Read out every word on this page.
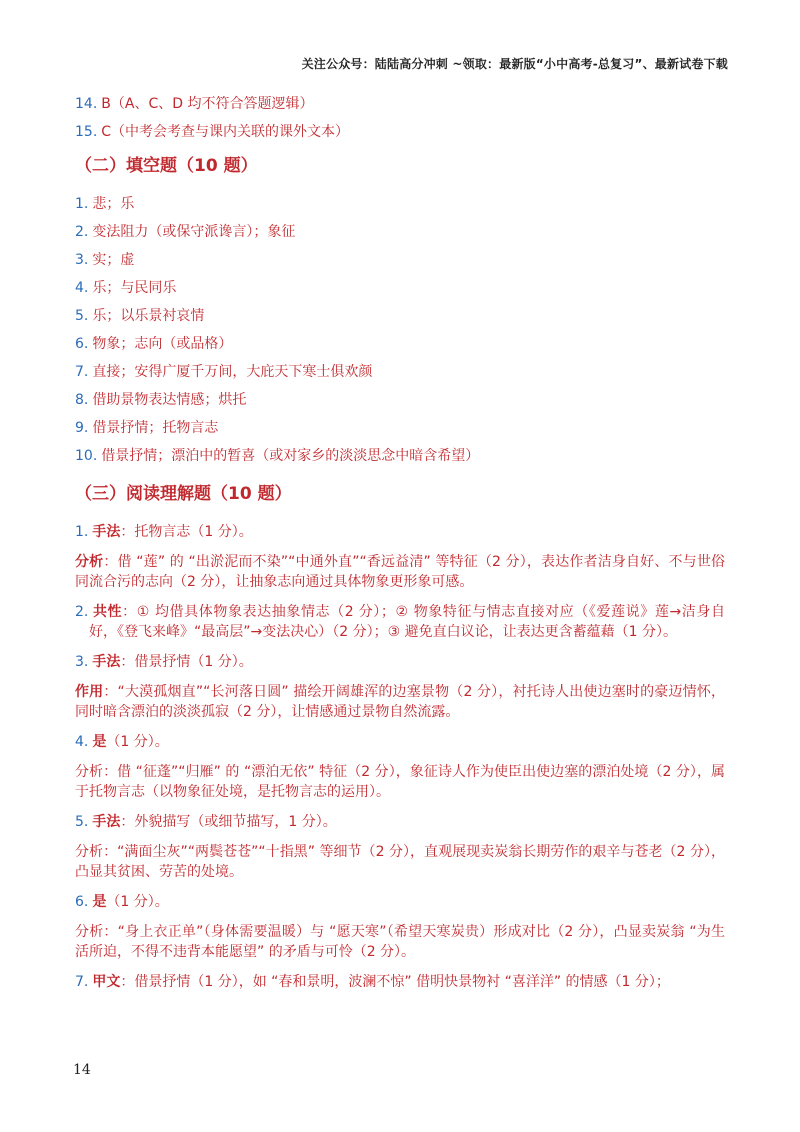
关注公众号：陆陆高分冲刺 ~领取：最新版“小中高考-总复习”、最新试卷下载
14. B（A、C、D 均不符合答题逻辑）
15. C（中考会考查与课内关联的课外文本）
（二）填空题（10 题）
1. 悲；乐
2. 变法阻力（或保守派谗言）；象征
3. 实；虚
4. 乐；与民同乐
5. 乐；以乐景衬哀情
6. 物象；志向（或品格）
7. 直接；安得广厦千万间，大庇天下寒士俱欢颜
8. 借助景物表达情感；烘托
9. 借景抒情；托物言志
10. 借景抒情；漂泊中的暂喜（或对家乡的淡淡思念中暗含希望）
（三）阅读理解题（10 题）
1. 手法：托物言志（1 分）。
分析：借 “莲” 的 “出淤泥而不染”“中通外直”“香远益清” 等特征（2 分），表达作者洁身自好、不与世俗同流合污的志向（2 分），让抽象志向通过具体物象更形象可感。
2. 共性：① 均借具体物象表达抽象情志（2 分）；② 物象特征与情志直接对应（《爱莲说》莲→洁身自好，《登飞来峰》“最高层”→变法决心）（2 分）；③ 避免直白议论，让表达更含蓄蕴藉（1 分）。
3. 手法：借景抒情（1 分）。
作用：“大漠孤烟直”“长河落日圆” 描绘开阔雄浑的边塞景物（2 分），衬托诗人出使边塞时的豪迈情怀，同时暗含漂泊的淡淡孤寂（2 分），让情感通过景物自然流露。
4. 是（1 分）。
分析：借 “征蓬”“归雁” 的 “漂泊无依” 特征（2 分），象征诗人作为使臣出使边塞的漂泊处境（2 分），属于托物言志（以物象征处境，是托物言志的运用）。
5. 手法：外貌描写（或细节描写，1 分）。
分析：“满面尘灰”“两鬓苍苍”“十指黑” 等细节（2 分），直观展现卖炭翁长期劳作的艰辛与苍老（2 分），凸显其贫困、劳苦的处境。
6. 是（1 分）。
分析：“身上衣正单”（身体需要温暖）与 “愿天寒”（希望天寒炭贵）形成对比（2 分），凸显卖炭翁 “为生活所迫，不得不违背本能愿望” 的矛盾与可怜（2 分）。
7. 甲文：借景抒情（1 分），如 “春和景明，波澜不惊” 借明快景物衬 “喜洋洋” 的情感（1 分）；
14
